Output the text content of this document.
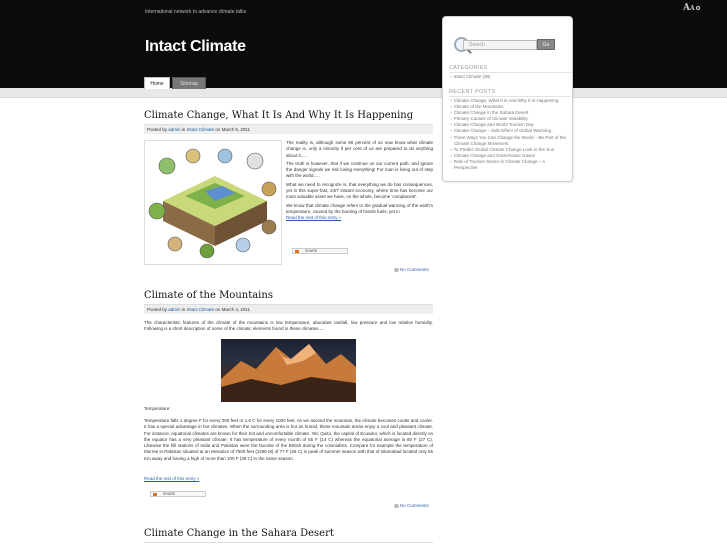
International network to advance climate talks	AA
Intact Climate
Home	Sitemap
Climate Change, What It Is And Why It Is Happening
Posted by admin in Intact Climate on March 5, 2011

The reality is, although some 90 percent of us now know what climate change is, only a minority if per cent of us are prepared to do anything about it.....

The truth is however, that if we continue on our current path, and ignore the danger signals we risk losing everything! For man is living out of step with the world.....

What we need to recognize is, that everything we do has consequences, yet in this super-fast, 24/7 instant economy, where time has become our most valuable asset we have, on the whole, become 'complacent'.

We know that climate change refers to the gradual warming of the earth's temperature, caused by the burning of fossils fuels, yet in

Read the rest of this entry »
SHARE
No Comments
Climate of the Mountains
Posted by admin in Intact Climate on March 4, 2011
The characteristic features of the climate of the mountains is low temperature, abundant rainfall, low pressure and low relative humidity. Following is a short description of some of the climatic elements found in these climates.....
Temperature:
Temperature falls 1 degree F for every 300 feet or 1.6 C for every 1000 feet. As we ascend the mountain, the climate becomes cooler and cooler. It has a special advantage in hot climates. When the surrounding area is hot an humid, these mountain areas enjoy a cool and pleasant climate. For instance, equatorial climates are known for their hot and uncomfortable climate. Yet, Quito, the capitol of Ecuador, which is located directly on the equator has a very pleasant climate. It has temperature of every month of 55 F (14 C) whereas the equatorial average is 80 F (27 C). Likewise the hill stations of India and Pakistan were the favorite of the British during the colonialists. Compare for example the temperature of Murree in Pakistan situated at an elevation of 7500 feet (2290 M) of 77 F (25 C) in peak of summer season with that of Islamabad located only 55 Km away and having a high of more than 100 F (38 C) in the same season.
Read the rest of this entry »
SHARE
No Comments
Climate Change in the Sahara Desert
Search	Go
CATEGORIES
» Intact Climate (39)
RECENT POSTS
» Climate Change, What It Is And Why It Is Happening
» Climate of the Mountains
» Climate Change in the Sahara Desert
» Primary Causes of Climate Variability
» Climate Change and World Tourism Day
» Climate Change – Side Effect of Global Warming
» Three Ways You Can Change the World – Be Part of the Climate Change Movement
» To Predict Global Climate Change Look to the Sun
» Climate Change and Greenhouse Gases
» Role of Tourism Sector in Climate Change – A Perspective
